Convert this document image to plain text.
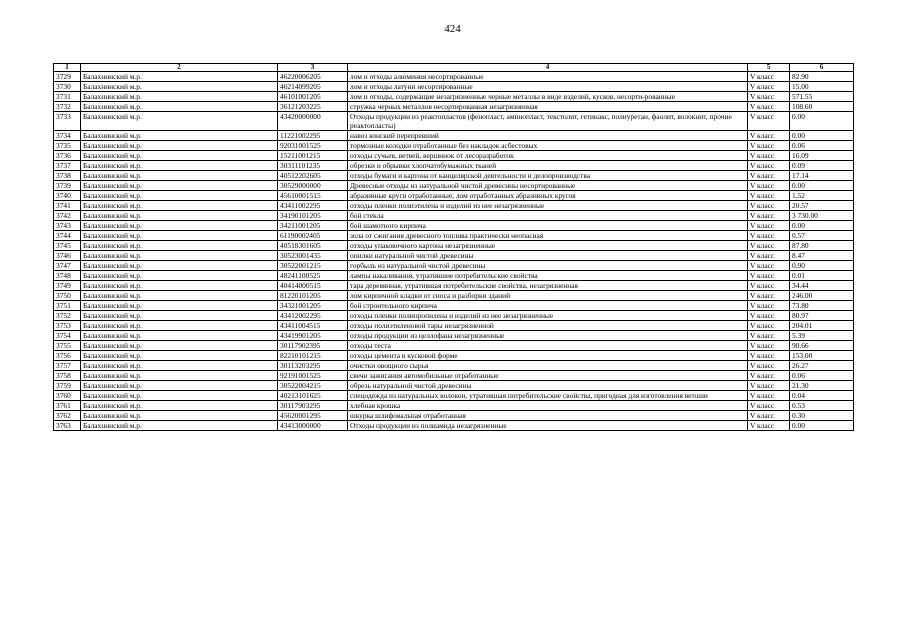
424
1	2	3	4	5	6
3729	Балахнинский м.р.	46220006205	лом и отходы алюминия несортированные	V класс	82.90
3730	Балахнинский м.р.	46214099205	лом и отходы латуни несортированные	V класс	15.00
3731	Балахнинский м.р.	46101001205	лом и отходы, содержащие незагрязненные черные металлы в виде изделий, кусков, несорти-рованные	V класс	571.55
3732	Балахнинский м.р.	36121203225	стружка черных металлов несортированная незагрязненная	V класс	108.60
3733	Балахнинский м.р.	43420000000	Отходы продукции из реактопластов (фенопласт, аминопласт, текстолит, гетинакс, полиуретан, фаолит, волокнит, прочие реактопласты)	V класс	0.00
3734	Балахнинский м.р.	11221002295	навоз конский перепревший	V класс	0.00
3735	Балахнинский м.р.	92031001525	тормозные колодки отработанные без накладок асбестовых	V класс	0.06
3736	Балахнинский м.р.	15211001215	отходы сучьев, ветвей, вершинок от лесоразработок	V класс	16.09
3737	Балахнинский м.р.	30311101235	обрезки и обрывки хлопчатобумажных тканей	V класс	0.09
3738	Балахнинский м.р.	40512202605	отходы бумаги и картона от канцелярской деятельности и делопроизводства	V класс	17.14
3739	Балахнинский м.р.	30529000000	Древесные отходы из натуральной чистой древесины несортированные	V класс	0.00
3740	Балахнинский м.р.	45610001515	абразивные круги отработанные, лом отработанных абразивных кругов	V класс	1.52
3741	Балахнинский м.р.	43411002295	отходы пленки полиэтилена и изделий из нее незагрязненные	V класс	20.57
3742	Балахнинский м.р.	34190101205	бой стекла	V класс	3 730.00
3743	Балахнинский м.р.	34211001205	бой шамотного кирпича	V класс	0.00
3744	Балахнинский м.р.	61190002405	зола от сжигания древесного топлива практически неопасная	V класс	0.57
3745	Балахнинский м.р.	40518301605	отходы упаковочного картона незагрязненные	V класс	87.80
3746	Балахнинский м.р.	30523001435	опилки натуральной чистой древесины	V класс	8.47
3747	Балахнинский м.р.	30522001215	горбыль из натуральной чистой древесины	V класс	0.90
3748	Балахнинский м.р.	48241100525	лампы накаливания, утратившие потребительские свойства	V класс	0.01
3749	Балахнинский м.р.	40414000515	тара деревянная, утратившая потребительские свойства, незагрязненная	V класс	34.44
3750	Балахнинский м.р.	81220101205	лом кирпичной кладки от сноса и разборки зданий	V класс	246.00
3751	Балахнинский м.р.	34321001205	бой строительного кирпича	V класс	73.80
3752	Балахнинский м.р.	43412002295	отходы пленки полипропилена и изделий из нее незагрязненные	V класс	80.97
3753	Балахнинский м.р.	43411004515	отходы полиэтиленовой тары незагрязненной	V класс	204.01
3754	Балахнинский м.р.	43419901205	отходы продукции из целлофана незагрязненные	V класс	5.39
3755	Балахнинский м.р.	30117902395	отходы теста	V класс	90.66
3756	Балахнинский м.р.	82210101215	отходы цемента в кусковой форме	V класс	153.00
3757	Балахнинский м.р.	30113203295	очистки овощного сырья	V класс	26.27
3758	Балахнинский м.р.	92191001525	свечи зажигания автомобильные отработанные	V класс	0.06
3759	Балахнинский м.р.	30522004215	обрезь натуральной чистой древесины	V класс	21.30
3760	Балахнинский м.р.	40213101625	спецодежда из натуральных волокон, утратившая потребительские свойства, пригодная для изготовления ветоши	V класс	0.04
3761	Балахнинский м.р.	30117903295	хлебная крошка	V класс	0.53
3762	Балахнинский м.р.	45620001295	шкурка шлифовальная отработанная	V класс	0.30
3763	Балахнинский м.р.	43413000000	Отходы продукции из полиамида незагрязненные	V класс	0.00
